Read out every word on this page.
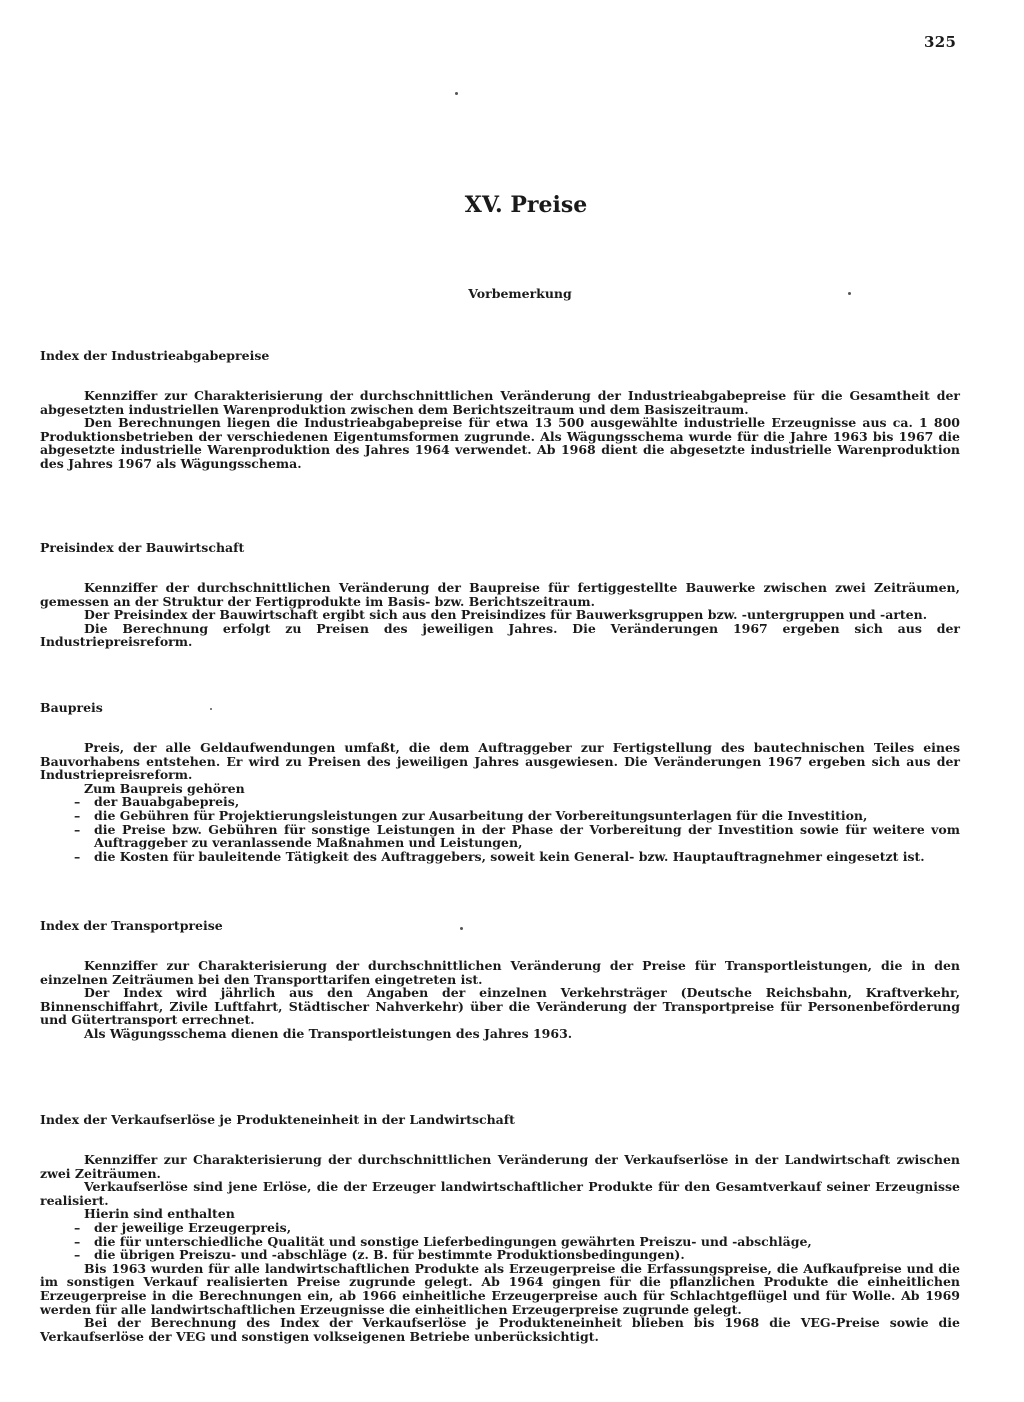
325
XV. Preise
Vorbemerkung
Index der Industrieabgabepreise

Kennziffer zur Charakterisierung der durchschnittlichen Veränderung der Industrieabgabepreise für die Gesamtheit der abgesetzten industriellen Warenproduktion zwischen dem Berichtszeitraum und dem Basiszeitraum.

Den Berechnungen liegen die Industrieabgabepreise für etwa 13 500 ausgewählte industrielle Erzeugnisse aus ca. 1 800 Produktionsbetrieben der verschiedenen Eigentumsformen zugrunde. Als Wägungsschema wurde für die Jahre 1963 bis 1967 die abgesetzte industrielle Warenproduktion des Jahres 1964 verwendet. Ab 1968 dient die abgesetzte industrielle Warenproduktion des Jahres 1967 als Wägungsschema.

Preisindex der Bauwirtschaft

Kennziffer der durchschnittlichen Veränderung der Baupreise für fertiggestellte Bauwerke zwischen zwei Zeiträumen, gemessen an der Struktur der Fertigprodukte im Basis- bzw. Berichtszeitraum.

Der Preisindex der Bauwirtschaft ergibt sich aus den Preisindizes für Bauwerksgruppen bzw. -untergruppen und -arten.

Die Berechnung erfolgt zu Preisen des jeweiligen Jahres. Die Veränderungen 1967 ergeben sich aus der Industriepreisreform.

Baupreis

Preis, der alle Geldaufwendungen umfaßt, die dem Auftraggeber zur Fertigstellung des bautechnischen Teiles eines Bauvorhabens entstehen. Er wird zu Preisen des jeweiligen Jahres ausgewiesen. Die Veränderungen 1967 ergeben sich aus der Industriepreisreform.

Zum Baupreis gehören

– der Bauabgabepreis,
– die Gebühren für Projektierungsleistungen zur Ausarbeitung der Vorbereitungsunterlagen für die Investition,
– die Preise bzw. Gebühren für sonstige Leistungen in der Phase der Vorbereitung der Investition sowie für weitere vom Auftraggeber zu veranlassende Maßnahmen und Leistungen,
– die Kosten für bauleitende Tätigkeit des Auftraggebers, soweit kein General- bzw. Hauptauftragnehmer eingesetzt ist.
Index der Transportpreise

Kennziffer zur Charakterisierung der durchschnittlichen Veränderung der Preise für Transportleistungen, die in den einzelnen Zeiträumen bei den Transporttarifen eingetreten ist.

Der Index wird jährlich aus den Angaben der einzelnen Verkehrsträger (Deutsche Reichsbahn, Kraftverkehr, Binnenschiffahrt, Zivile Luftfahrt, Städtischer Nahverkehr) über die Veränderung der Transportpreise für Personenbeförderung und Gütertransport errechnet.

Als Wägungsschema dienen die Transportleistungen des Jahres 1963.

Index der Verkaufserlöse je Produkteneinheit in der Landwirtschaft

Kennziffer zur Charakterisierung der durchschnittlichen Veränderung der Verkaufserlöse in der Landwirtschaft zwischen zwei Zeiträumen.

Verkaufserlöse sind jene Erlöse, die der Erzeuger landwirtschaftlicher Produkte für den Gesamtverkauf seiner Erzeugnisse realisiert.

Hierin sind enthalten

– der jeweilige Erzeugerpreis,
– die für unterschiedliche Qualität und sonstige Lieferbedingungen gewährten Preiszu- und -abschläge,
– die übrigen Preiszu- und -abschläge (z. B. für bestimmte Produktionsbedingungen).

Bis 1963 wurden für alle landwirtschaftlichen Produkte als Erzeugerpreise die Erfassungspreise, die Aufkaufpreise und die im sonstigen Verkauf realisierten Preise zugrunde gelegt. Ab 1964 gingen für die pflanzlichen Produkte die einheitlichen Erzeugerpreise in die Berechnungen ein, ab 1966 einheitliche Erzeugerpreise auch für Schlachtgeflügel und für Wolle. Ab 1969 werden für alle landwirtschaftlichen Erzeugnisse die einheitlichen Erzeugerpreise zugrunde gelegt.

Bei der Berechnung des Index der Verkaufserlöse je Produkteneinheit blieben bis 1968 die VEG-Preise sowie die Verkaufserlöse der VEG und sonstigen volkseigenen Betriebe unberücksichtigt.
